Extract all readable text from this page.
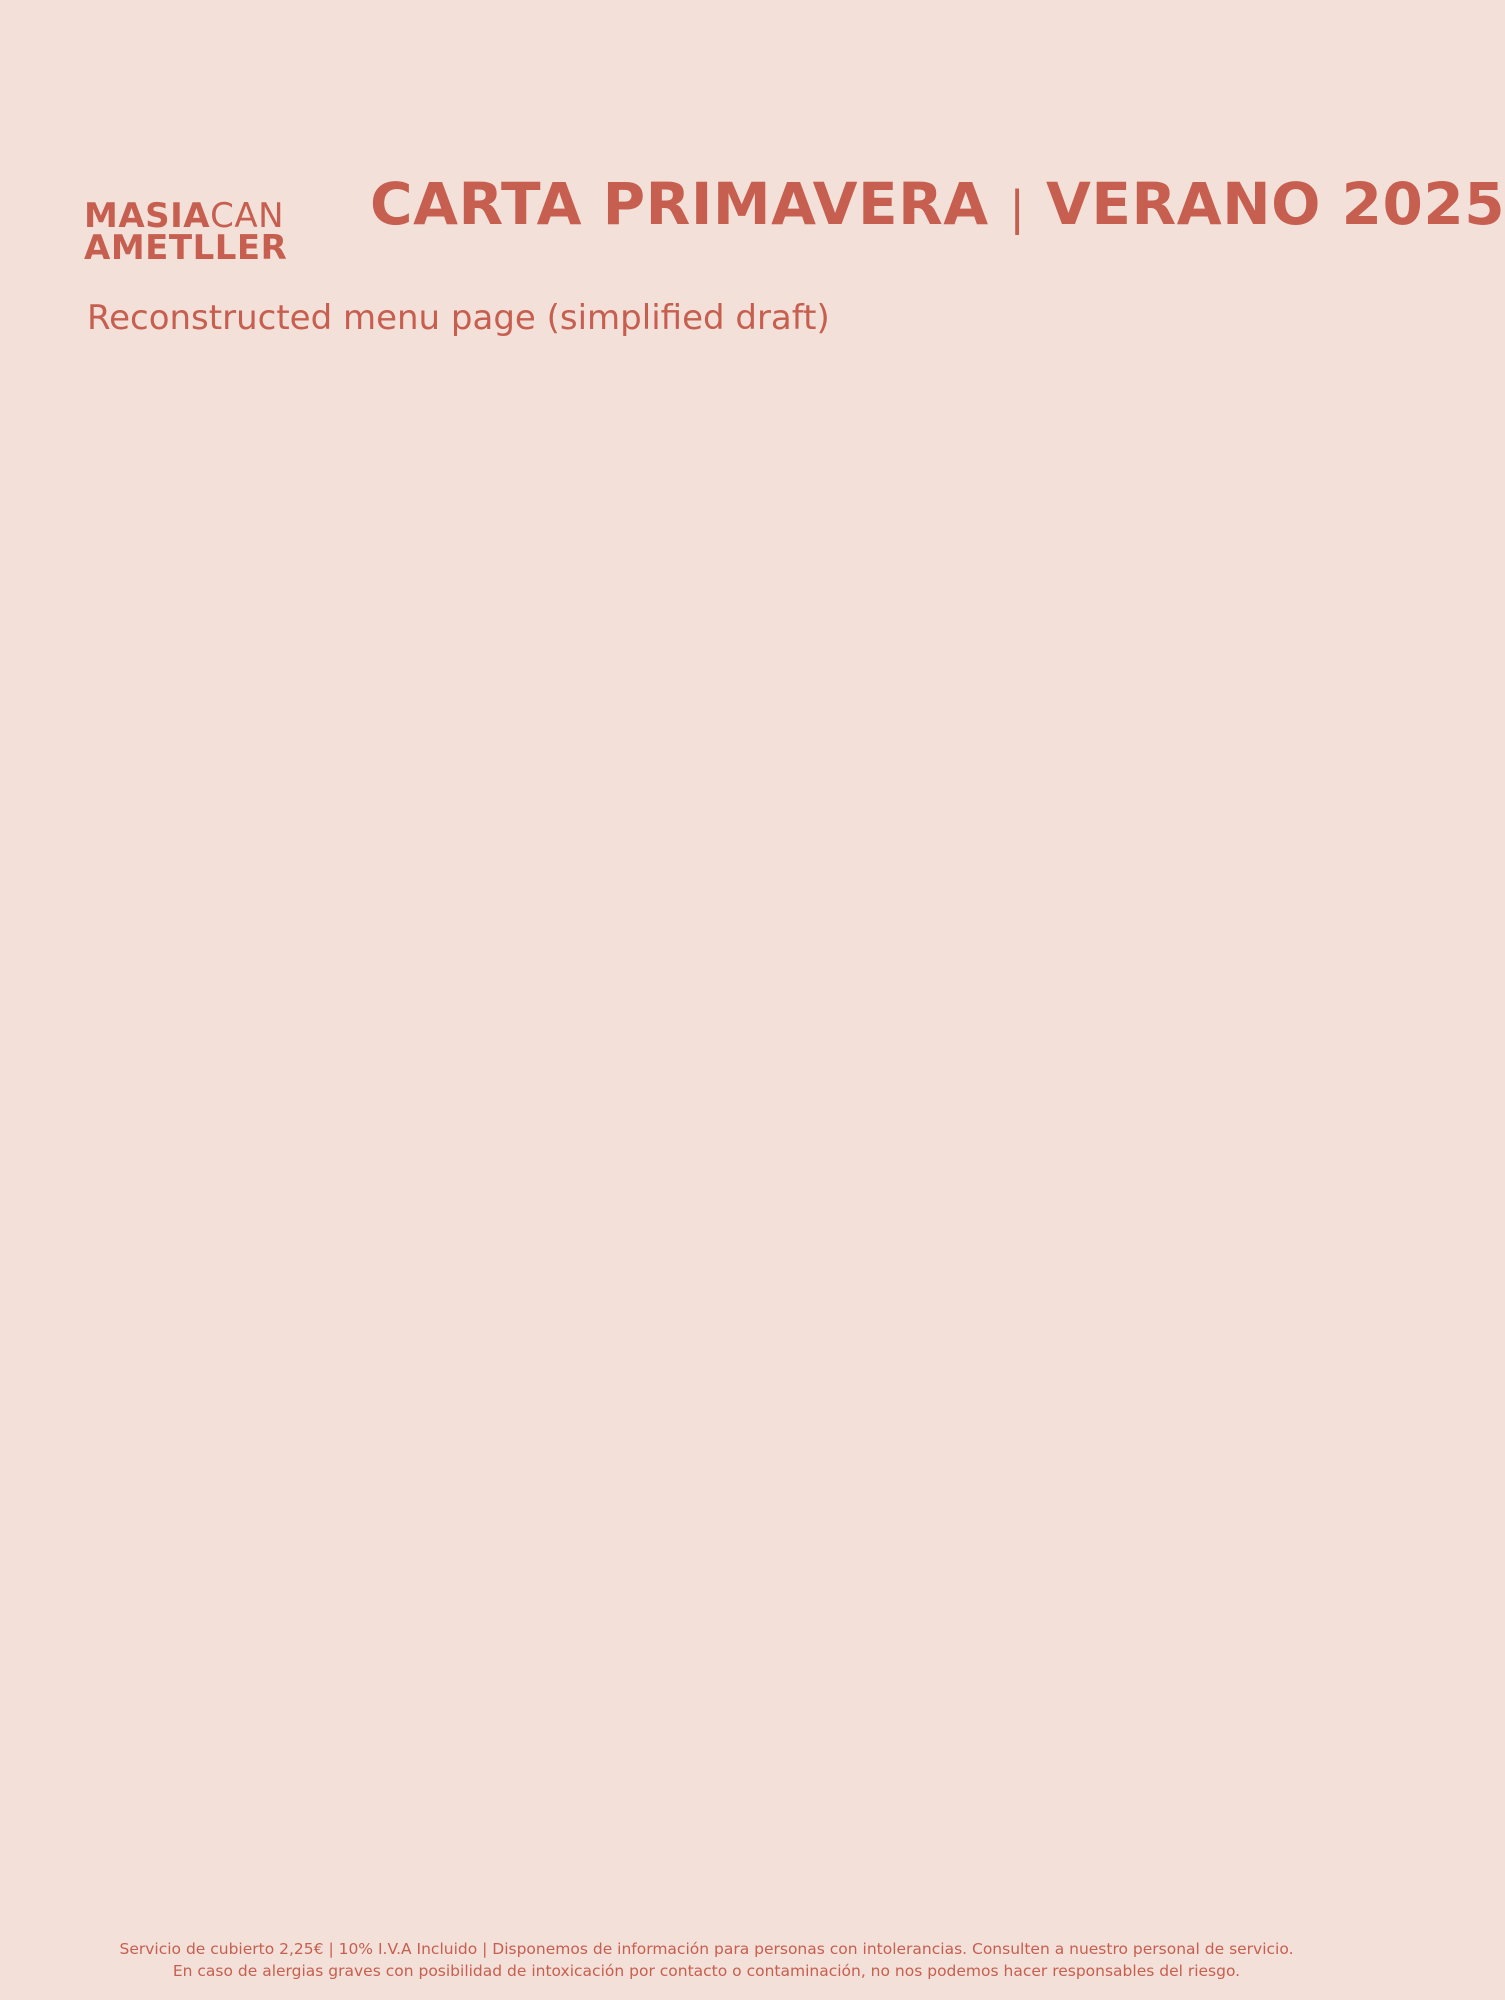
MASIACAN
AMETLLER
CARTA PRIMAVERA | VERANO 2025
Reconstructed menu page (simplified draft)
Servicio de cubierto 2,25€ | 10% I.V.A Incluido | Disponemos de información para personas con intolerancias. Consulten a nuestro personal de servicio.
En caso de alergias graves con posibilidad de intoxicación por contacto o contaminación, no nos podemos hacer responsables del riesgo.
